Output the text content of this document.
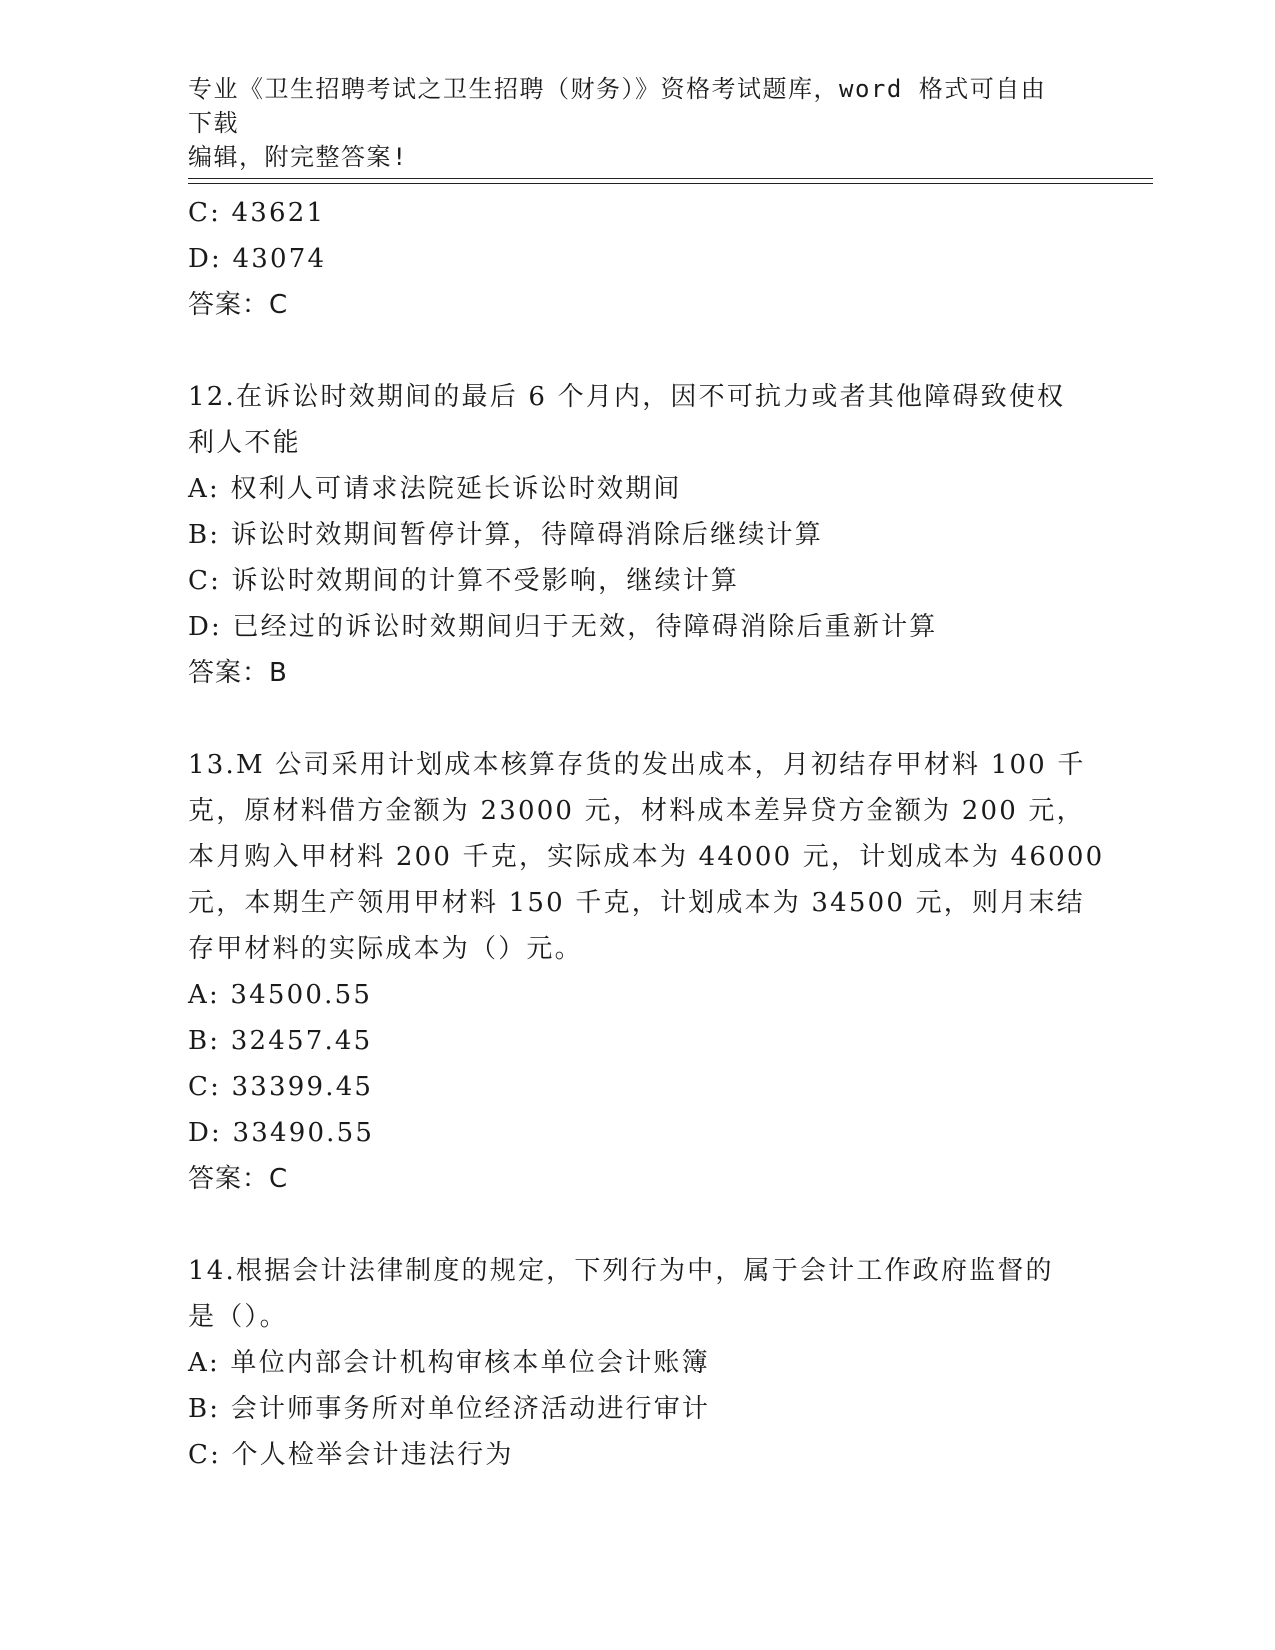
专业《卫生招聘考试之卫生招聘（财务）》资格考试题库，word 格式可自由下载
编辑，附完整答案!
C: 43621
D: 43074
答案：C
12.在诉讼时效期间的最后 6 个月内，因不可抗力或者其他障碍致使权
利人不能
A: 权利人可请求法院延长诉讼时效期间
B: 诉讼时效期间暂停计算，待障碍消除后继续计算
C: 诉讼时效期间的计算不受影响，继续计算
D: 已经过的诉讼时效期间归于无效，待障碍消除后重新计算
答案：B
13.M 公司采用计划成本核算存货的发出成本，月初结存甲材料 100 千
克，原材料借方金额为 23000 元，材料成本差异贷方金额为 200 元，
本月购入甲材料 200 千克，实际成本为 44000 元，计划成本为 46000
元，本期生产领用甲材料 150 千克，计划成本为 34500 元，则月末结
存甲材料的实际成本为（）元。
A: 34500.55
B: 32457.45
C: 33399.45
D: 33490.55
答案：C
14.根据会计法律制度的规定，下列行为中，属于会计工作政府监督的
是（）。
A: 单位内部会计机构审核本单位会计账簿
B: 会计师事务所对单位经济活动进行审计
C: 个人检举会计违法行为
